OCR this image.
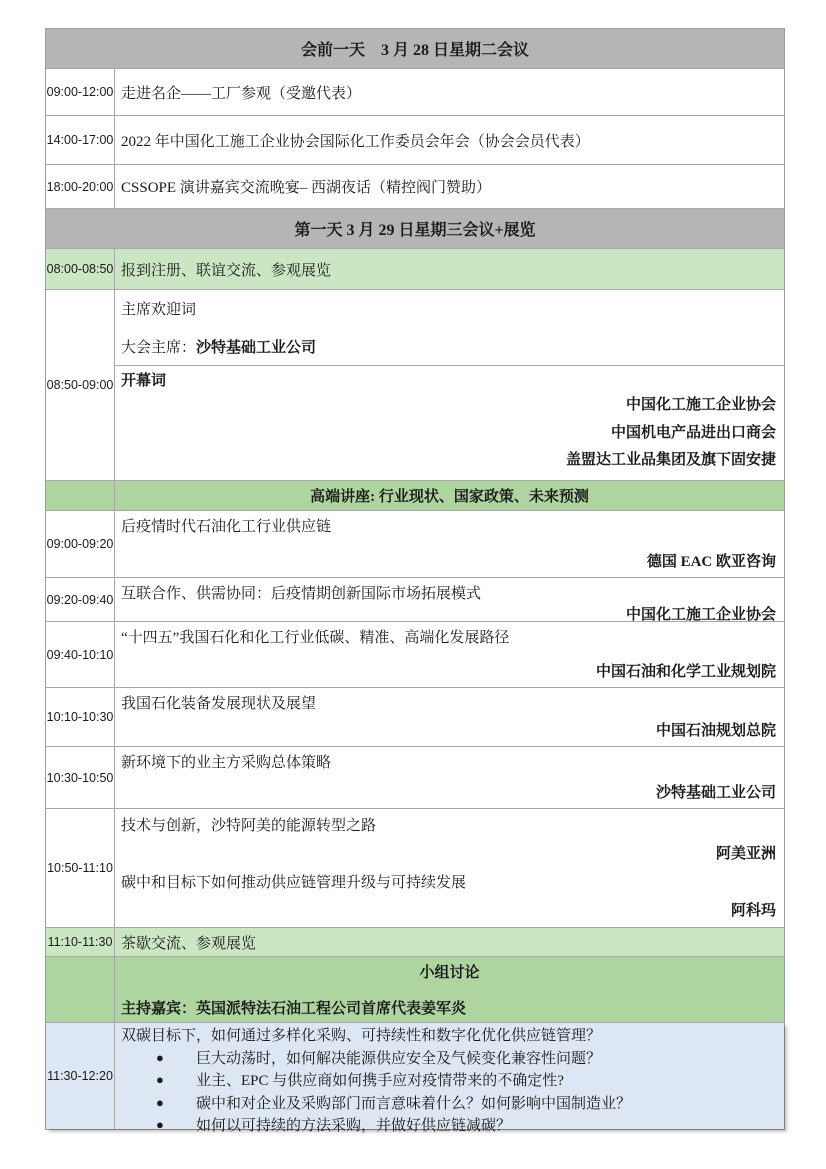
会前一天　3 月 28 日星期二会议
09:00-12:00 走进名企——工厂参观（受邀代表）
14:00-17:00 2022 年中国化工施工企业协会国际化工作委员会年会（协会会员代表）
18:00-20:00 CSSOPE 演讲嘉宾交流晚宴– 西湖夜话（精控阀门赞助）
第一天 3 月 29 日星期三会议+展览
08:00-08:50 报到注册、联谊交流、参观展览
08:50-09:00

主席欢迎词

大会主席：沙特基础工业公司

开幕词

中国化工施工企业协会
中国机电产品进出口商会
盖盟达工业品集团及旗下固安捷
高端讲座: 行业现状、国家政策、未来预测
09:00-09:20
后疫情时代石油化工行业供应链
德国 EAC 欧亚咨询
09:20-09:40 互联合作、供需协同：后疫情期创新国际市场拓展模式
中国化工施工企业协会
09:40-10:10
“十四五”我国石化和化工行业低碳、精准、高端化发展路径
中国石油和化学工业规划院
10:10-10:30
我国石化装备发展现状及展望
中国石油规划总院
10:30-10:50
新环境下的业主方采购总体策略
沙特基础工业公司
10:50-11:10
技术与创新，沙特阿美的能源转型之路
阿美亚洲
碳中和目标下如何推动供应链管理升级与可持续发展
阿科玛
11:10-11:30 茶歇交流、参观展览
小组讨论
主持嘉宾：英国派特法石油工程公司首席代表姜军炎
11:30-12:20
双碳目标下，如何通过多样化采购、可持续性和数字化优化供应链管理？
●	巨大动荡时，如何解决能源供应安全及气候变化兼容性问题？
●	业主、EPC 与供应商如何携手应对疫情带来的不确定性?
●	碳中和对企业及采购部门而言意味着什么？如何影响中国制造业？
●	如何以可持续的方法采购，并做好供应链减碳？
